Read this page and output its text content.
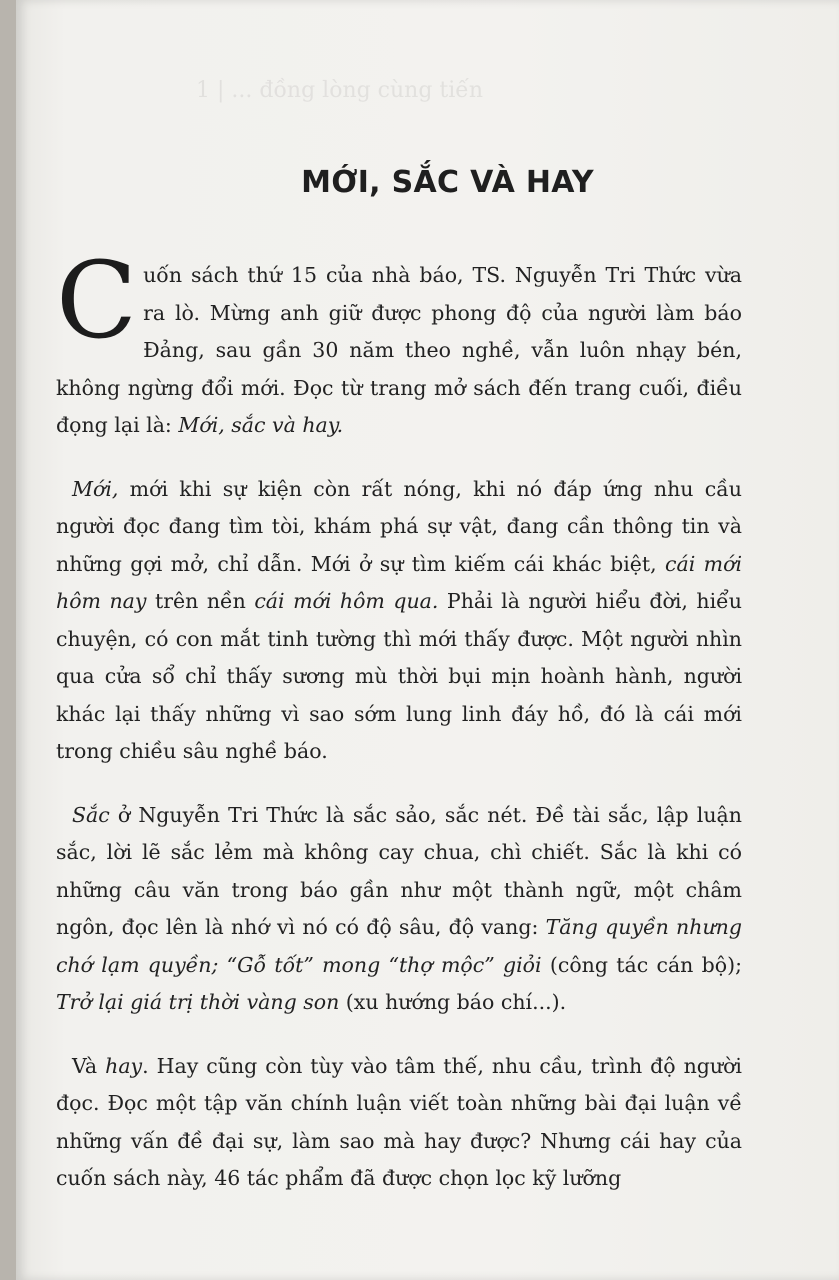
1 | ... đồng lòng cùng tiến
MỚI, SẮC VÀ HAY

Cuốn sách thứ 15 của nhà báo, TS. Nguyễn Tri Thức vừa ra lò. Mừng anh giữ được phong độ của người làm báo Đảng, sau gần 30 năm theo nghề, vẫn luôn nhạy bén, không ngừng đổi mới. Đọc từ trang mở sách đến trang cuối, điều đọng lại là: Mới, sắc và hay.

Mới, mới khi sự kiện còn rất nóng, khi nó đáp ứng nhu cầu người đọc đang tìm tòi, khám phá sự vật, đang cần thông tin và những gợi mở, chỉ dẫn. Mới ở sự tìm kiếm cái khác biệt, cái mới hôm nay trên nền cái mới hôm qua. Phải là người hiểu đời, hiểu chuyện, có con mắt tinh tường thì mới thấy được. Một người nhìn qua cửa sổ chỉ thấy sương mù thời bụi mịn hoành hành, người khác lại thấy những vì sao sớm lung linh đáy hồ, đó là cái mới trong chiều sâu nghề báo.

Sắc ở Nguyễn Tri Thức là sắc sảo, sắc nét. Đề tài sắc, lập luận sắc, lời lẽ sắc lẻm mà không cay chua, chì chiết. Sắc là khi có những câu văn trong báo gần như một thành ngữ, một châm ngôn, đọc lên là nhớ vì nó có độ sâu, độ vang: Tăng quyền nhưng chớ lạm quyền; “Gỗ tốt” mong “thợ mộc” giỏi (công tác cán bộ); Trở lại giá trị thời vàng son (xu hướng báo chí...).

Và hay. Hay cũng còn tùy vào tâm thế, nhu cầu, trình độ người đọc. Đọc một tập văn chính luận viết toàn những bài đại luận về những vấn đề đại sự, làm sao mà hay được? Nhưng cái hay của cuốn sách này, 46 tác phẩm đã được chọn lọc kỹ lưỡng
